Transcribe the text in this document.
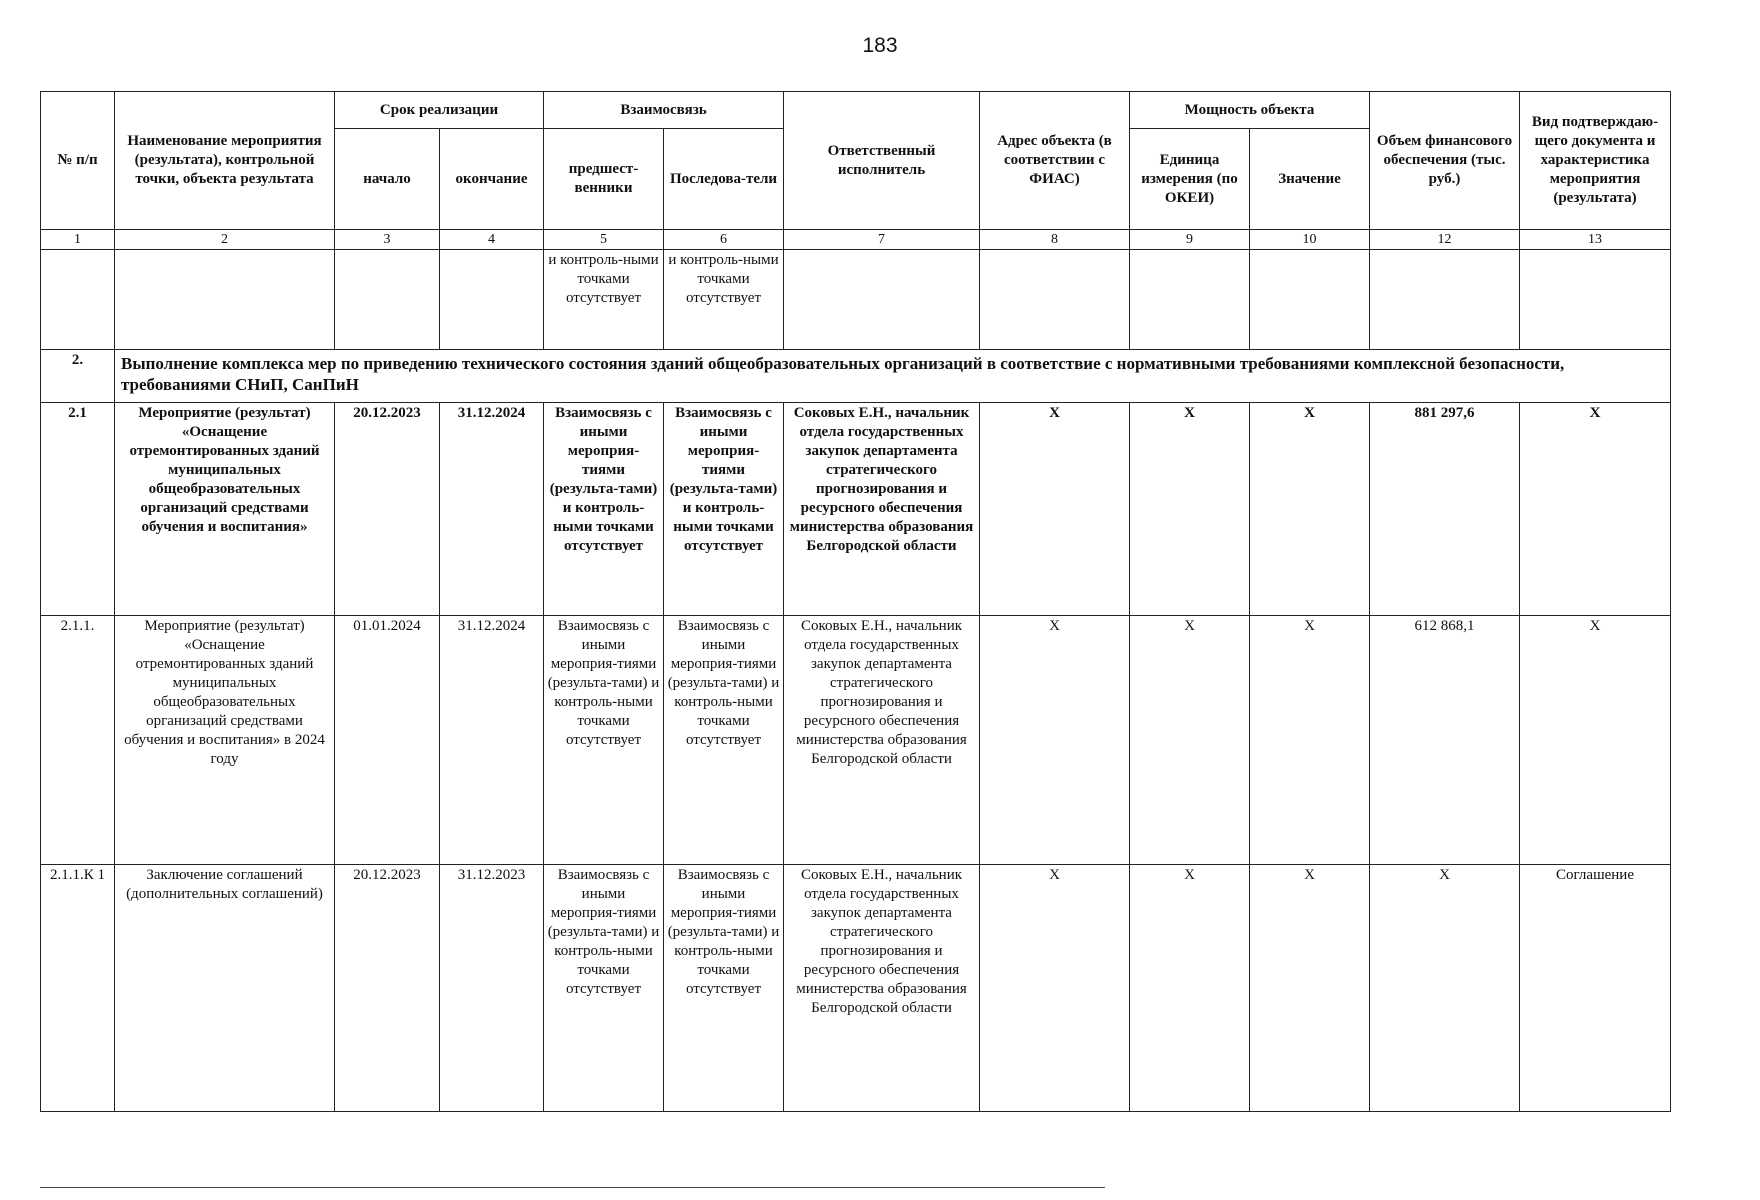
183
№ п/п	Наименование мероприятия (результата), контрольной точки, объекта результата	Срок реализации		Взаимосвязь		Ответственный исполнитель	Адрес объекта (в соответствии с ФИАС)	Мощность объекта		Объем финансового обеспечения (тыс. руб.)	Вид подтверждаю-щего документа и характеристика мероприятия (результата)
		начало	окончание	предшест-венники	Последова-тели			Единица измерения (по ОКЕИ)	Значение		
1	2	3	4	5	6	7	8	9	10	12	13
				и контроль-ными точками отсутствует	и контроль-ными точками отсутствует						
2.	Выполнение комплекса мер по приведению технического состояния зданий общеобразовательных организаций в соответствие с нормативными требованиями комплексной безопасности, требованиями СНиП, СанПиН										
2.1	Мероприятие (результат) «Оснащение отремонтированных зданий муниципальных общеобразовательных организаций средствами обучения и воспитания»	20.12.2023	31.12.2024	Взаимосвязь с иными мероприя-тиями (результа-тами) и контроль-ными точками отсутствует	Взаимосвязь с иными мероприя-тиями (результа-тами) и контроль-ными точками отсутствует	Соковых Е.Н., начальник отдела государственных закупок департамента стратегического прогнозирования и ресурсного обеспечения министерства образования Белгородской области	X	X	X	881 297,6	X
2.1.1.	Мероприятие (результат) «Оснащение отремонтированных зданий муниципальных общеобразовательных организаций средствами обучения и воспитания» в 2024 году	01.01.2024	31.12.2024	Взаимосвязь с иными мероприя-тиями (результа-тами) и контроль-ными точками отсутствует	Взаимосвязь с иными мероприя-тиями (результа-тами) и контроль-ными точками отсутствует	Соковых Е.Н., начальник отдела государственных закупок департамента стратегического прогнозирования и ресурсного обеспечения министерства образования Белгородской области	X	X	X	612 868,1	X
2.1.1.К 1	Заключение соглашений (дополнительных соглашений)	20.12.2023	31.12.2023	Взаимосвязь с иными мероприя-тиями (результа-тами) и контроль-ными точками отсутствует	Взаимосвязь с иными мероприя-тиями (результа-тами) и контроль-ными точками отсутствует	Соковых Е.Н., начальник отдела государственных закупок департамента стратегического прогнозирования и ресурсного обеспечения министерства образования Белгородской области	X	X	X	X	Соглашение
